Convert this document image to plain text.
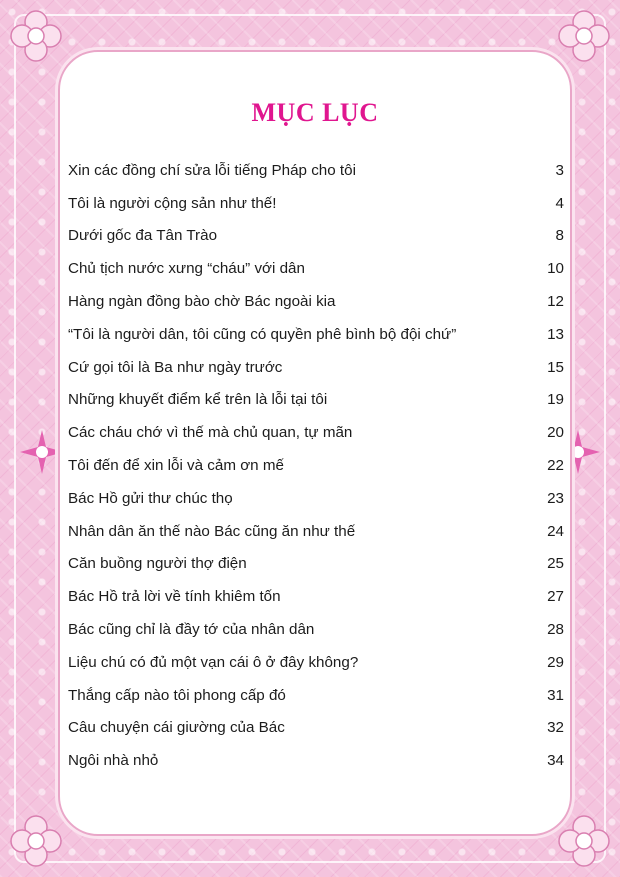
MỤC LỤC
Xin các đồng chí sửa lỗi tiếng Pháp cho tôi	3
Tôi là người cộng sản như thế!	4
Dưới gốc đa Tân Trào	8
Chủ tịch nước xưng “cháu” với dân	10
Hàng ngàn đồng bào chờ Bác ngoài kia	12
“Tôi là người dân, tôi cũng có quyền phê bình bộ đội chứ”	13
Cứ gọi tôi là Ba như ngày trước	15
Những khuyết điểm kể trên là lỗi tại tôi	19
Các cháu chớ vì thế mà chủ quan, tự mãn	20
Tôi đến để xin lỗi và cảm ơn mế	22
Bác Hồ gửi thư chúc thọ	23
Nhân dân ăn thế nào Bác cũng ăn như thế	24
Căn buồng người thợ điện	25
Bác Hồ trả lời về tính khiêm tốn	27
Bác cũng chỉ là đầy tớ của nhân dân	28
Liệu chú có đủ một vạn cái ô ở đây không?	29
Thắng cấp nào tôi phong cấp đó	31
Câu chuyện cái giường của Bác	32
Ngôi nhà nhỏ	34
